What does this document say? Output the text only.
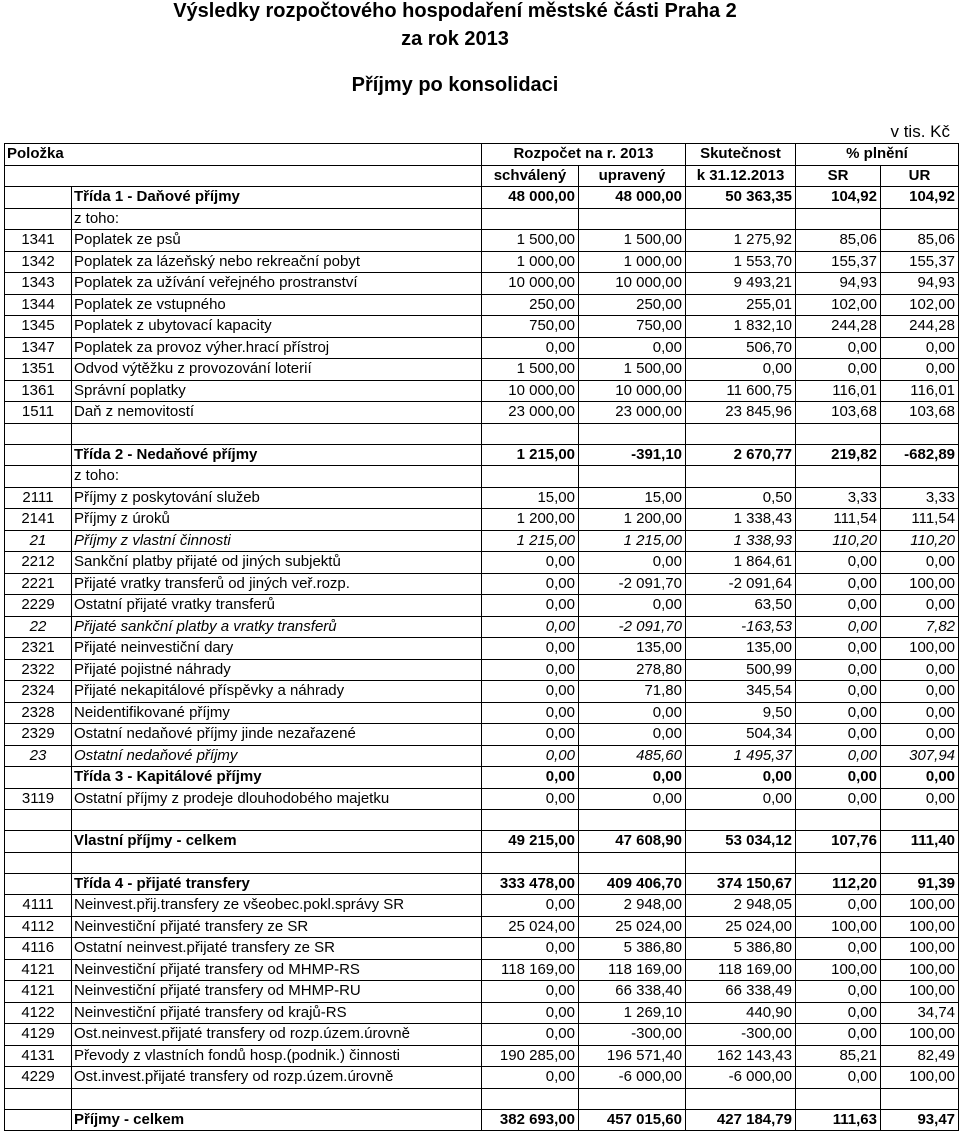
Výsledky rozpočtového hospodaření městské části Praha 2
za rok 2013
Příjmy po konsolidaci
v tis. Kč
Položka		Rozpočet na r. 2013		Skutečnost	% plnění	
		schválený	upravený	k 31.12.2013	SR	UR
	Třída 1 - Daňové příjmy	48 000,00	48 000,00	50 363,35	104,92	104,92
	z toho:					
1341	Poplatek ze psů	1 500,00	1 500,00	1 275,92	85,06	85,06
1342	Poplatek za lázeňský nebo rekreační pobyt	1 000,00	1 000,00	1 553,70	155,37	155,37
1343	Poplatek za užívání veřejného prostranství	10 000,00	10 000,00	9 493,21	94,93	94,93
1344	Poplatek ze vstupného	250,00	250,00	255,01	102,00	102,00
1345	Poplatek z ubytovací kapacity	750,00	750,00	1 832,10	244,28	244,28
1347	Poplatek za provoz výher.hrací přístroj	0,00	0,00	506,70	0,00	0,00
1351	Odvod výtěžku z provozování loterií	1 500,00	1 500,00	0,00	0,00	0,00
1361	Správní poplatky	10 000,00	10 000,00	11 600,75	116,01	116,01
1511	Daň z nemovitostí	23 000,00	23 000,00	23 845,96	103,68	103,68

	Třída 2 - Nedaňové příjmy	1 215,00	-391,10	2 670,77	219,82	-682,89
	z toho:					
2111	Příjmy z poskytování služeb	15,00	15,00	0,50	3,33	3,33
2141	Příjmy z úroků	1 200,00	1 200,00	1 338,43	111,54	111,54
21	Příjmy z vlastní činnosti	1 215,00	1 215,00	1 338,93	110,20	110,20
2212	Sankční platby přijaté od jiných subjektů	0,00	0,00	1 864,61	0,00	0,00
2221	Přijaté vratky transferů od jiných veř.rozp.	0,00	-2 091,70	-2 091,64	0,00	100,00
2229	Ostatní přijaté vratky transferů	0,00	0,00	63,50	0,00	0,00
22	Přijaté sankční platby a vratky transferů	0,00	-2 091,70	-163,53	0,00	7,82
2321	Přijaté neinvestiční dary	0,00	135,00	135,00	0,00	100,00
2322	Přijaté pojistné náhrady	0,00	278,80	500,99	0,00	0,00
2324	Přijaté nekapitálové příspěvky a náhrady	0,00	71,80	345,54	0,00	0,00
2328	Neidentifikované příjmy	0,00	0,00	9,50	0,00	0,00
2329	Ostatní nedaňové příjmy jinde nezařazené	0,00	0,00	504,34	0,00	0,00
23	Ostatní nedaňové příjmy	0,00	485,60	1 495,37	0,00	307,94
	Třída 3 - Kapitálové příjmy	0,00	0,00	0,00	0,00	0,00
3119	Ostatní příjmy z prodeje dlouhodobého majetku	0,00	0,00	0,00	0,00	0,00

	Vlastní příjmy - celkem	49 215,00	47 608,90	53 034,12	107,76	111,40

	Třída 4 - přijaté transfery	333 478,00	409 406,70	374 150,67	112,20	91,39
4111	Neinvest.přij.transfery ze všeobec.pokl.správy SR	0,00	2 948,00	2 948,05	0,00	100,00
4112	Neinvestiční přijaté transfery ze SR	25 024,00	25 024,00	25 024,00	100,00	100,00
4116	Ostatní neinvest.přijaté transfery ze SR	0,00	5 386,80	5 386,80	0,00	100,00
4121	Neinvestiční přijaté transfery od MHMP-RS	118 169,00	118 169,00	118 169,00	100,00	100,00
4121	Neinvestiční přijaté transfery od MHMP-RU	0,00	66 338,40	66 338,49	0,00	100,00
4122	Neinvestiční přijaté transfery od krajů-RS	0,00	1 269,10	440,90	0,00	34,74
4129	Ost.neinvest.přijaté transfery od rozp.územ.úrovně	0,00	-300,00	-300,00	0,00	100,00
4131	Převody z vlastních fondů hosp.(podnik.) činnosti	190 285,00	196 571,40	162 143,43	85,21	82,49
4229	Ost.invest.přijaté transfery od rozp.územ.úrovně	0,00	-6 000,00	-6 000,00	0,00	100,00

	Příjmy - celkem	382 693,00	457 015,60	427 184,79	111,63	93,47
